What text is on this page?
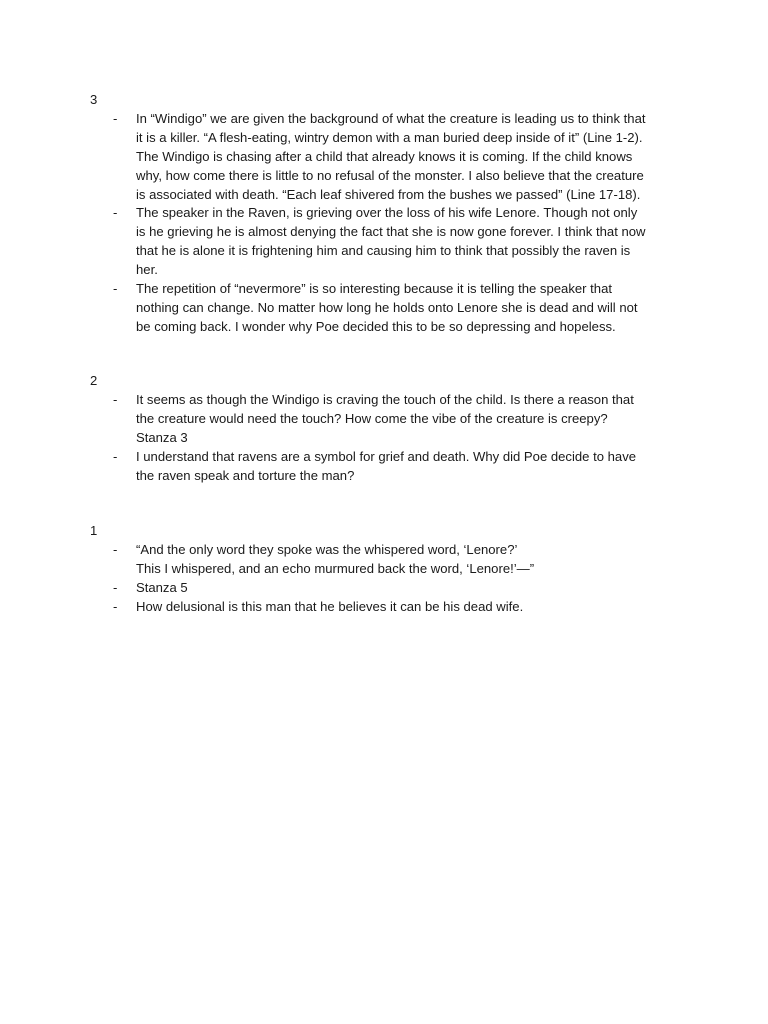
3
- In “Windigo” we are given the background of what the creature is leading us to think that
it is a killer. “A flesh-eating, wintry demon with a man buried deep inside of it” (Line 1-2).
The Windigo is chasing after a child that already knows it is coming. If the child knows
why, how come there is little to no refusal of the monster. I also believe that the creature
is associated with death. “Each leaf shivered from the bushes we passed” (Line 17-18).
- The speaker in the Raven, is grieving over the loss of his wife Lenore. Though not only
is he grieving he is almost denying the fact that she is now gone forever. I think that now
that he is alone it is frightening him and causing him to think that possibly the raven is
her.
- The repetition of “nevermore” is so interesting because it is telling the speaker that
nothing can change. No matter how long he holds onto Lenore she is dead and will not
be coming back. I wonder why Poe decided this to be so depressing and hopeless.
2
- It seems as though the Windigo is craving the touch of the child. Is there a reason that
the creature would need the touch? How come the vibe of the creature is creepy?
Stanza 3
- I understand that ravens are a symbol for grief and death. Why did Poe decide to have
the raven speak and torture the man?
1
- “And the only word they spoke was the whispered word, ‘Lenore?’
This I whispered, and an echo murmured back the word, ‘Lenore!’—”
- Stanza 5
- How delusional is this man that he believes it can be his dead wife.
